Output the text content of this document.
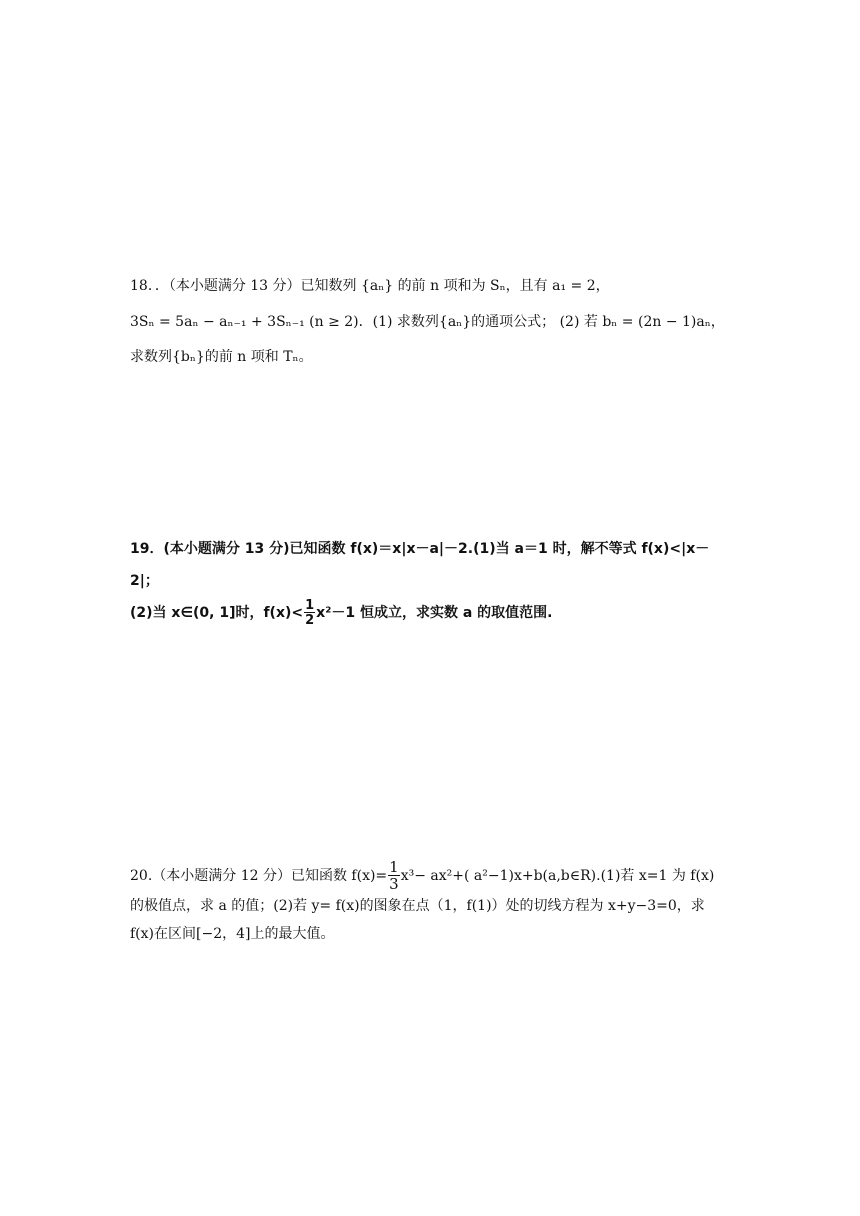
18．．（本小题满分 13 分）已知数列 {aₙ} 的前 n 项和为 Sₙ，且有 a₁ = 2，
3Sₙ = 5aₙ − aₙ₋₁ + 3Sₙ₋₁ (n ≥ 2)．(1) 求数列{aₙ}的通项公式； (2) 若 bₙ = (2n − 1)aₙ，
求数列{bₙ}的前 n 项和 Tₙ。
19．(本小题满分 13 分)已知函数 f(x)＝x|x－a|－2.(1)当 a＝1 时，解不等式 f(x)<|x－
2|；
(2)当 x∈(0, 1]时，$f(x)< \frac{1}{2} x^2-1$ 恒成立，求实数 a 的取值范围.
20.（本小题满分 12 分）已知函数 $f(x)= \frac{1}{3} x^3- ax^2+$( a²−1)x+b(a,b∈R).(1)若 x=1 为 f(x)
的极值点，求 a 的值；(2)若 y= f(x)的图象在点（1，f(1)）处的切线方程为 x+y−3=0，求
f(x)在区间[−2，4]上的最大值。
